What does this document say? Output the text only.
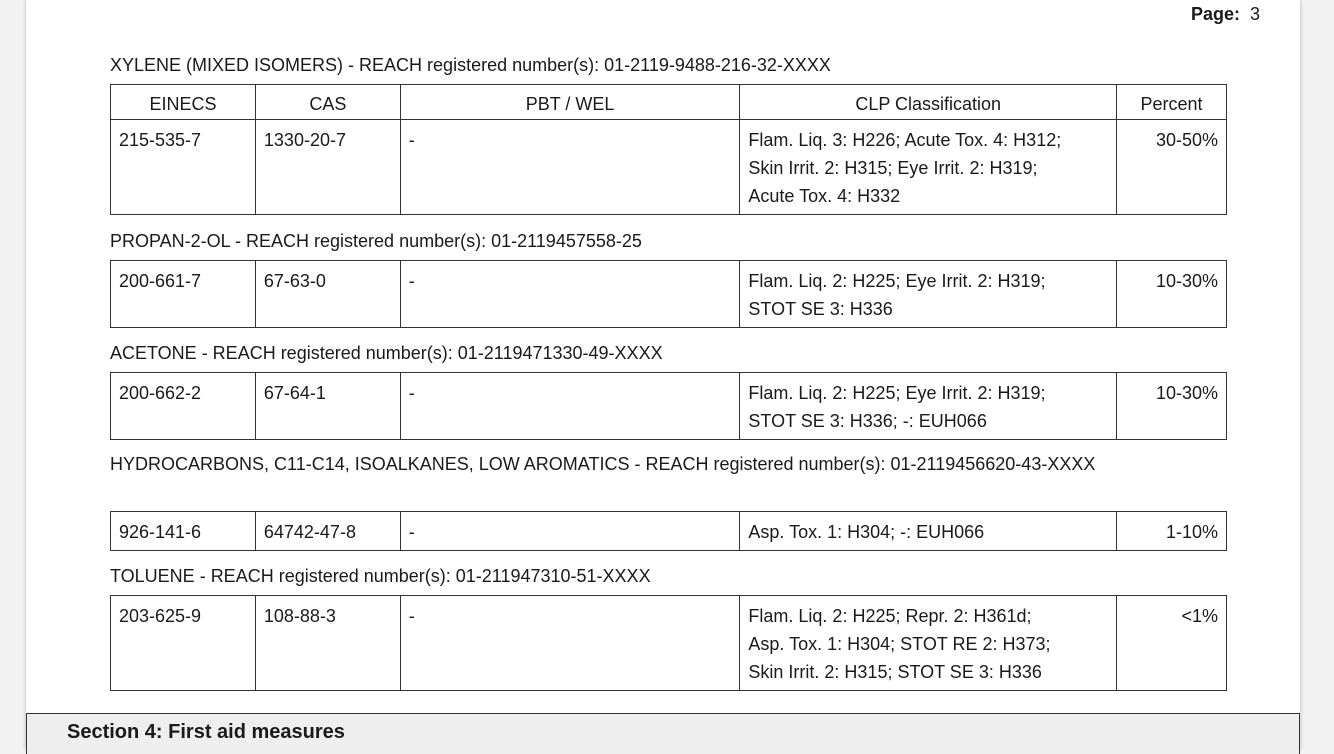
Page: 3
XYLENE (MIXED ISOMERS) - REACH registered number(s): 01-2119-9488-216-32-XXXX
EINECS	CAS	PBT / WEL	CLP Classification	Percent
215-535-7	1330-20-7	-	Flam. Liq. 3: H226; Acute Tox. 4: H312;
Skin Irrit. 2: H315; Eye Irrit. 2: H319;
Acute Tox. 4: H332	30-50%
PROPAN-2-OL - REACH registered number(s): 01-2119457558-25
200-661-7	67-63-0	-	Flam. Liq. 2: H225; Eye Irrit. 2: H319;
STOT SE 3: H336
	10-30%
ACETONE - REACH registered number(s): 01-2119471330-49-XXXX
200-662-2	67-64-1	-	Flam. Liq. 2: H225; Eye Irrit. 2: H319;
STOT SE 3: H336; -: EUH066
	10-30%
HYDROCARBONS, C11-C14, ISOALKANES, LOW AROMATICS - REACH registered number(s): 01-2119456620-43-XXXX
926-141-6	64742-47-8	-	Asp. Tox. 1: H304; -: EUH066	1-10%
TOLUENE - REACH registered number(s): 01-211947310-51-XXXX
203-625-9	108-88-3	-	Flam. Liq. 2: H225; Repr. 2: H361d;
Asp. Tox. 1: H304; STOT RE 2: H373;
Skin Irrit. 2: H315; STOT SE 3: H336
	<1%
Section 4: First aid measures
